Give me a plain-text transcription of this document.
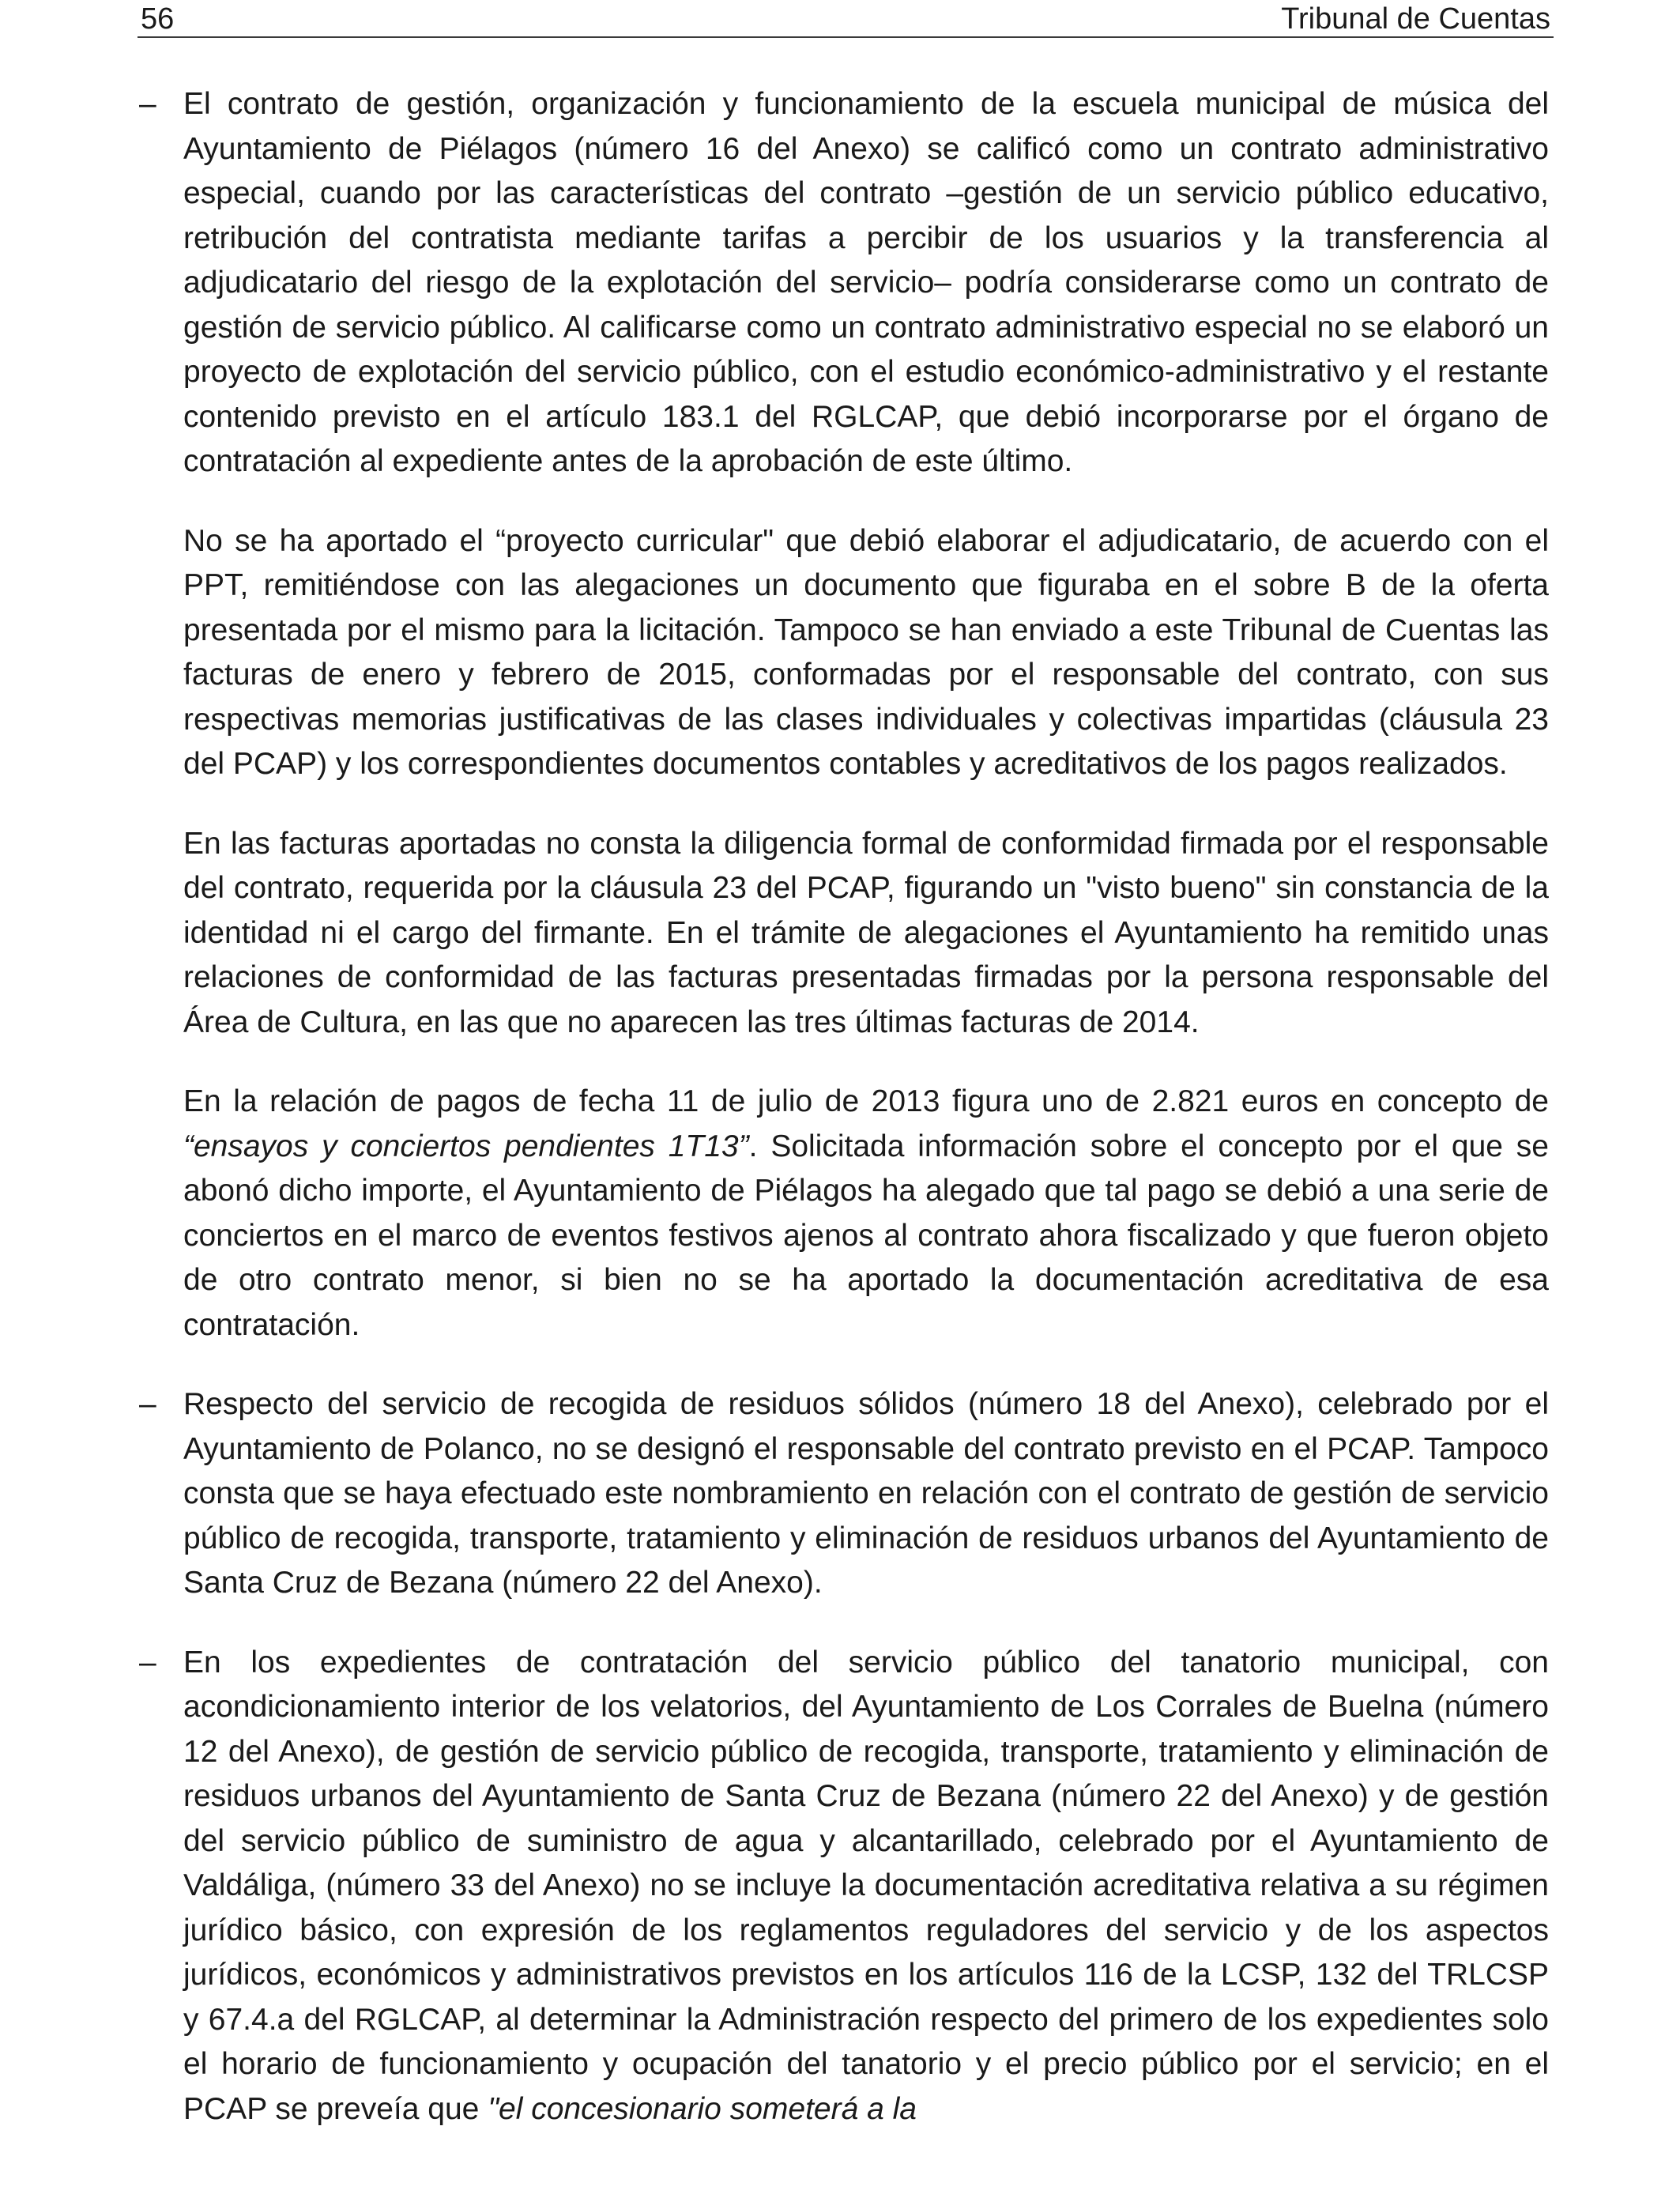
56	Tribunal de Cuentas

– El contrato de gestión, organización y funcionamiento de la escuela municipal de música del Ayuntamiento de Piélagos (número 16 del Anexo) se calificó como un contrato administrativo especial, cuando por las características del contrato –gestión de un servicio público educativo, retribución del contratista mediante tarifas a percibir de los usuarios y la transferencia al adjudicatario del riesgo de la explotación del servicio– podría considerarse como un contrato de gestión de servicio público. Al calificarse como un contrato administrativo especial no se elaboró un proyecto de explotación del servicio público, con el estudio económico-administrativo y el restante contenido previsto en el artículo 183.1 del RGLCAP, que debió incorporarse por el órgano de contratación al expediente antes de la aprobación de este último.

No se ha aportado el “proyecto curricular" que debió elaborar el adjudicatario, de acuerdo con el PPT, remitiéndose con las alegaciones un documento que figuraba en el sobre B de la oferta presentada por el mismo para la licitación. Tampoco se han enviado a este Tribunal de Cuentas las facturas de enero y febrero de 2015, conformadas por el responsable del contrato, con sus respectivas memorias justificativas de las clases individuales y colectivas impartidas (cláusula 23 del PCAP) y los correspondientes documentos contables y acreditativos de los pagos realizados.

En las facturas aportadas no consta la diligencia formal de conformidad firmada por el responsable del contrato, requerida por la cláusula 23 del PCAP, figurando un "visto bueno" sin constancia de la identidad ni el cargo del firmante. En el trámite de alegaciones el Ayuntamiento ha remitido unas relaciones de conformidad de las facturas presentadas firmadas por la persona responsable del Área de Cultura, en las que no aparecen las tres últimas facturas de 2014.

En la relación de pagos de fecha 11 de julio de 2013 figura uno de 2.821 euros en concepto de “ensayos y conciertos pendientes 1T13”. Solicitada información sobre el concepto por el que se abonó dicho importe, el Ayuntamiento de Piélagos ha alegado que tal pago se debió a una serie de conciertos en el marco de eventos festivos ajenos al contrato ahora fiscalizado y que fueron objeto de otro contrato menor, si bien no se ha aportado la documentación acreditativa de esa contratación.

– Respecto del servicio de recogida de residuos sólidos (número 18 del Anexo), celebrado por el Ayuntamiento de Polanco, no se designó el responsable del contrato previsto en el PCAP. Tampoco consta que se haya efectuado este nombramiento en relación con el contrato de gestión de servicio público de recogida, transporte, tratamiento y eliminación de residuos urbanos del Ayuntamiento de Santa Cruz de Bezana (número 22 del Anexo).

– En los expedientes de contratación del servicio público del tanatorio municipal, con acondicionamiento interior de los velatorios, del Ayuntamiento de Los Corrales de Buelna (número 12 del Anexo), de gestión de servicio público de recogida, transporte, tratamiento y eliminación de residuos urbanos del Ayuntamiento de Santa Cruz de Bezana (número 22 del Anexo) y de gestión del servicio público de suministro de agua y alcantarillado, celebrado por el Ayuntamiento de Valdáliga, (número 33 del Anexo) no se incluye la documentación acreditativa relativa a su régimen jurídico básico, con expresión de los reglamentos reguladores del servicio y de los aspectos jurídicos, económicos y administrativos previstos en los artículos 116 de la LCSP, 132 del TRLCSP y 67.4.a del RGLCAP, al determinar la Administración respecto del primero de los expedientes solo el horario de funcionamiento y ocupación del tanatorio y el precio público por el servicio; en el PCAP se preveía que "el concesionario someterá a la
